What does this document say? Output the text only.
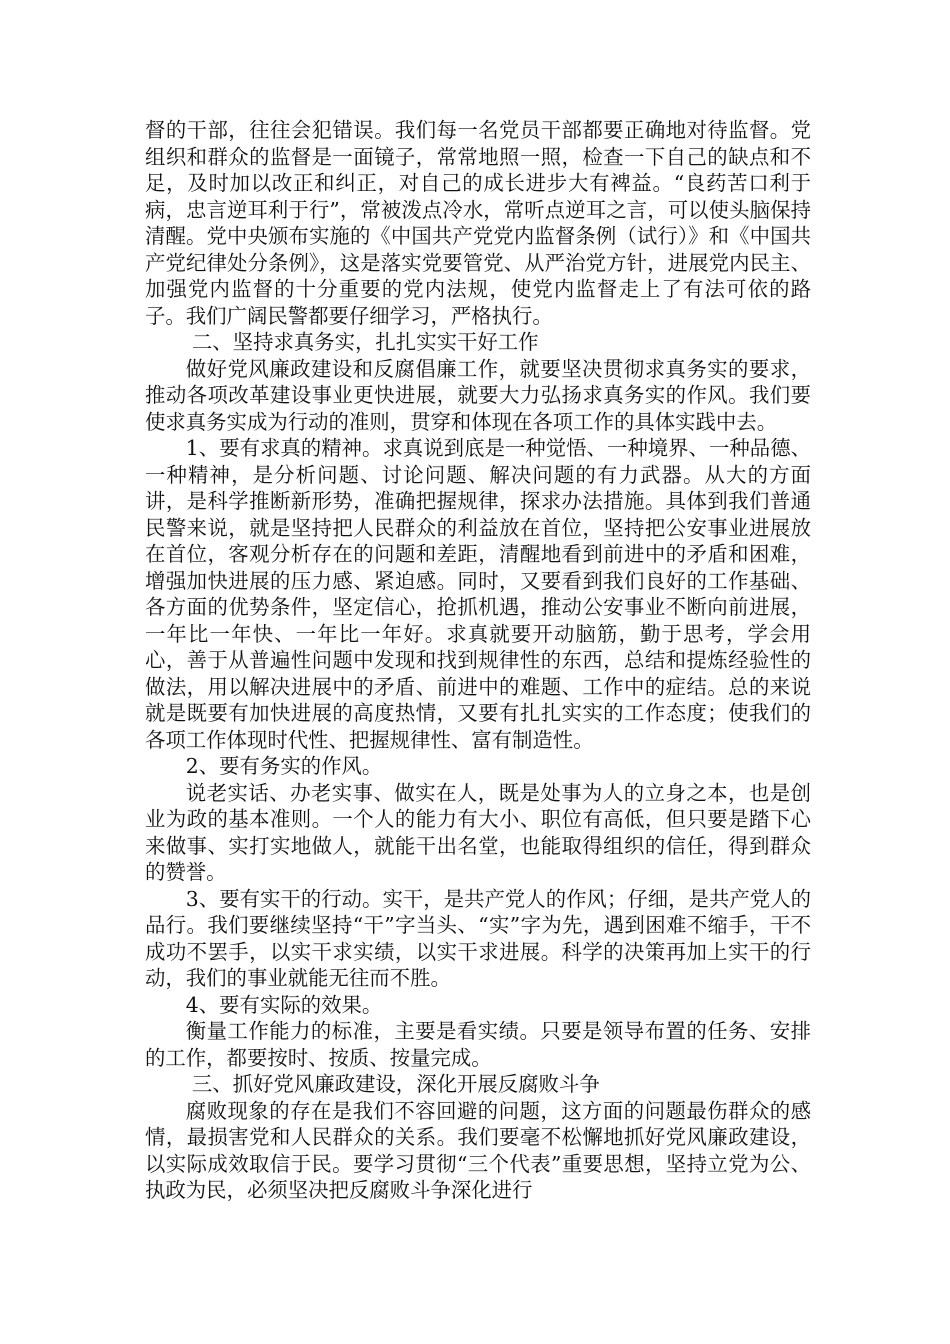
督的干部，往往会犯错误。我们每一名党员干部都要正确地对待监督。党组织和群众的监督是一面镜子，常常地照一照，检查一下自己的缺点和不足，及时加以改正和纠正，对自己的成长进步大有裨益。“良药苦口利于病，忠言逆耳利于行”，常被泼点冷水，常听点逆耳之言，可以使头脑保持清醒。党中央颁布实施的《中国共产党党内监督条例（试行）》和《中国共产党纪律处分条例》，这是落实党要管党、从严治党方针，进展党内民主、加强党内监督的十分重要的党内法规，使党内监督走上了有法可依的路子。我们广阔民警都要仔细学习，严格执行。

二、坚持求真务实，扎扎实实干好工作

做好党风廉政建设和反腐倡廉工作，就要坚决贯彻求真务实的要求，推动各项改革建设事业更快进展，就要大力弘扬求真务实的作风。我们要使求真务实成为行动的准则，贯穿和体现在各项工作的具体实践中去。

1、要有求真的精神。求真说到底是一种觉悟、一种境界、一种品德、一种精神，是分析问题、讨论问题、解决问题的有力武器。从大的方面讲，是科学推断新形势，准确把握规律，探求办法措施。具体到我们普通民警来说，就是坚持把人民群众的利益放在首位，坚持把公安事业进展放在首位，客观分析存在的问题和差距，清醒地看到前进中的矛盾和困难，增强加快进展的压力感、紧迫感。同时，又要看到我们良好的工作基础、各方面的优势条件，坚定信心，抢抓机遇，推动公安事业不断向前进展，一年比一年快、一年比一年好。求真就要开动脑筋，勤于思考，学会用心，善于从普遍性问题中发现和找到规律性的东西，总结和提炼经验性的做法，用以解决进展中的矛盾、前进中的难题、工作中的症结。总的来说就是既要有加快进展的高度热情，又要有扎扎实实的工作态度；使我们的各项工作体现时代性、把握规律性、富有制造性。

2、要有务实的作风。

说老实话、办老实事、做实在人，既是处事为人的立身之本，也是创业为政的基本准则。一个人的能力有大小、职位有高低，但只要是踏下心来做事、实打实地做人，就能干出名堂，也能取得组织的信任，得到群众的赞誉。

3、要有实干的行动。实干，是共产党人的作风；仔细，是共产党人的品行。我们要继续坚持“干”字当头、“实”字为先，遇到困难不缩手，干不成功不罢手，以实干求实绩，以实干求进展。科学的决策再加上实干的行动，我们的事业就能无往而不胜。

4、要有实际的效果。

衡量工作能力的标准，主要是看实绩。只要是领导布置的任务、安排的工作，都要按时、按质、按量完成。

三、抓好党风廉政建设，深化开展反腐败斗争

腐败现象的存在是我们不容回避的问题，这方面的问题最伤群众的感情，最损害党和人民群众的关系。我们要毫不松懈地抓好党风廉政建设，以实际成效取信于民。要学习贯彻“三个代表”重要思想，坚持立党为公、执政为民，必须坚决把反腐败斗争深化进行
